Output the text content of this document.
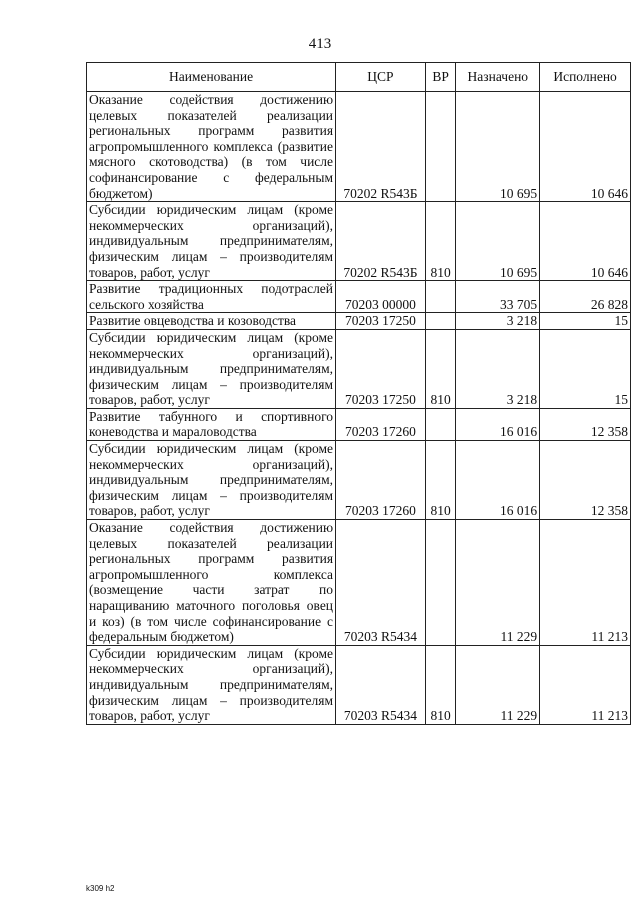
413
Наименование	ЦСР	ВР	Назначено	Исполнено
Оказание содействия достижению целевых показателей реализации региональных программ развития агропромышленного комплекса (развитие мясного скотоводства) (в том числе софинансирование с федеральным бюджетом)	70202 R543Б		10 695	10 646
Субсидии юридическим лицам (кроме некоммерческих организаций), индивидуальным предпринимателям, физическим лицам – производителям товаров, работ, услуг	70202 R543Б	810	10 695	10 646
Развитие традиционных подотраслей сельского хозяйства	70203 00000		33 705	26 828
Развитие овцеводства и козоводства	70203 17250		3 218	15
Субсидии юридическим лицам (кроме некоммерческих организаций), индивидуальным предпринимателям, физическим лицам – производителям товаров, работ, услуг	70203 17250	810	3 218	15
Развитие табунного и спортивного коневодства и мараловодства	70203 17260		16 016	12 358
Субсидии юридическим лицам (кроме некоммерческих организаций), индивидуальным предпринимателям, физическим лицам – производителям товаров, работ, услуг	70203 17260	810	16 016	12 358
Оказание содействия достижению целевых показателей реализации региональных программ развития агропромышленного комплекса (возмещение части затрат по наращиванию маточного поголовья овец и коз) (в том числе софинансирование с федеральным бюджетом)	70203 R5434		11 229	11 213
Субсидии юридическим лицам (кроме некоммерческих организаций), индивидуальным предпринимателям, физическим лицам – производителям товаров, работ, услуг	70203 R5434	810	11 229	11 213
k309 h2
